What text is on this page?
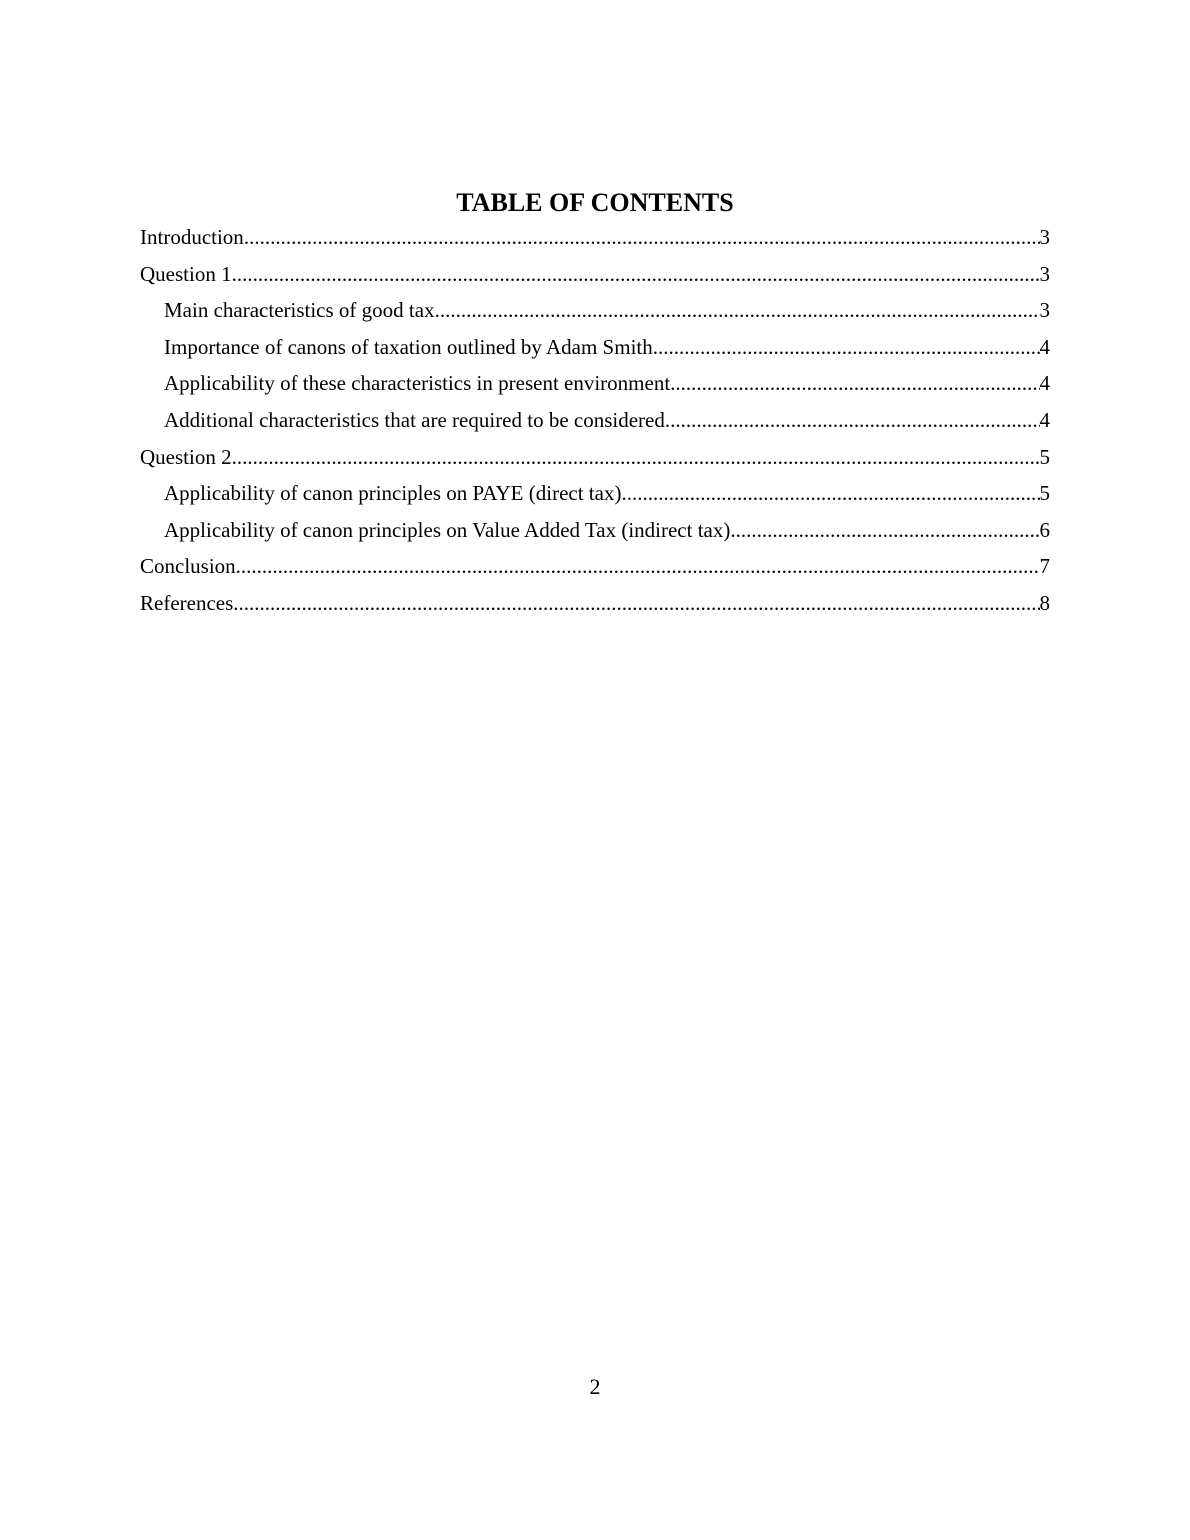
TABLE OF CONTENTS
Introduction .....	3
Question 1 .....	3
Main characteristics of good tax .....	3
Importance of canons of taxation outlined by Adam Smith .....	4
Applicability of these characteristics in present environment .....	4
Additional characteristics that are required to be considered .....	4
Question 2 .....	5
Applicability of canon principles on PAYE (direct tax) .....	5
Applicability of canon principles on Value Added Tax (indirect tax) .....	6
Conclusion .....	7
References .....	8
2
